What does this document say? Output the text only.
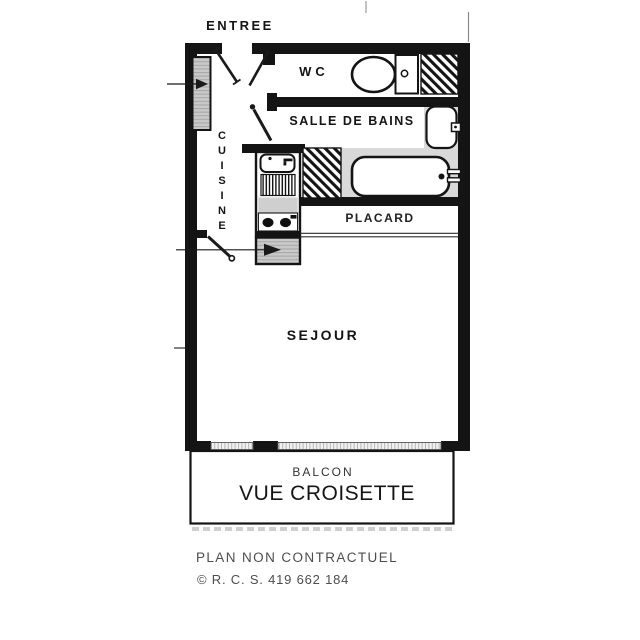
ENTREE
WC
SALLE DE BAINS
CUISINE	PLACARD
SEJOUR
BALCON
VUE CROISETTE
PLAN NON CONTRACTUEL
© R. C. S. 419 662 184
